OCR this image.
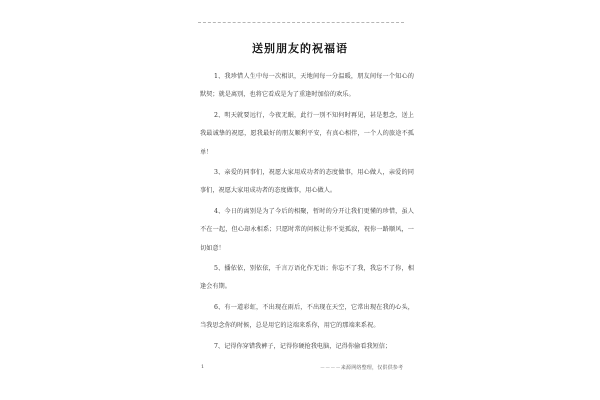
送别朋友的祝福语

1、我珍惜人生中每一次相识，天地间每一分温暖，朋友间每一个知心的默契；就是离别，也将它看成是为了重逢时加倍的欢乐。

2、明天就要远行，今夜无眠，此行一别不知何时再见，甚是想念，送上我最诚挚的祝愿，愿我最好的朋友顺利平安，有真心相伴，一个人的旅途不孤单！

3、亲爱的同事们，祝愿大家用成功者的态度做事，用心做人，亲爱的同事们，祝愿大家用成功者的态度做事，用心做人。

4、今日的离别是为了今后的相聚，暂时的分开让我们更懂的珍惜，虽人不在一起，但心却永相系；只愿时常的问候让你不觉孤寂，祝你一路顺风，一切如意！

5、播依依，别依依，千言万语化作无语；你忘不了我，我忘不了你，相逢会有期。

6、有一道彩虹，不出现在雨后，不出现在天空，它常出现在我的心头，当我思念你的时候，总是用它的这端来系你，用它的那端来系祝。

7、记得你穿错我裤子，记得你硬抢我电脑，记得你偷看我短信；

1	－－－－来源网络整理，仅供供参考
